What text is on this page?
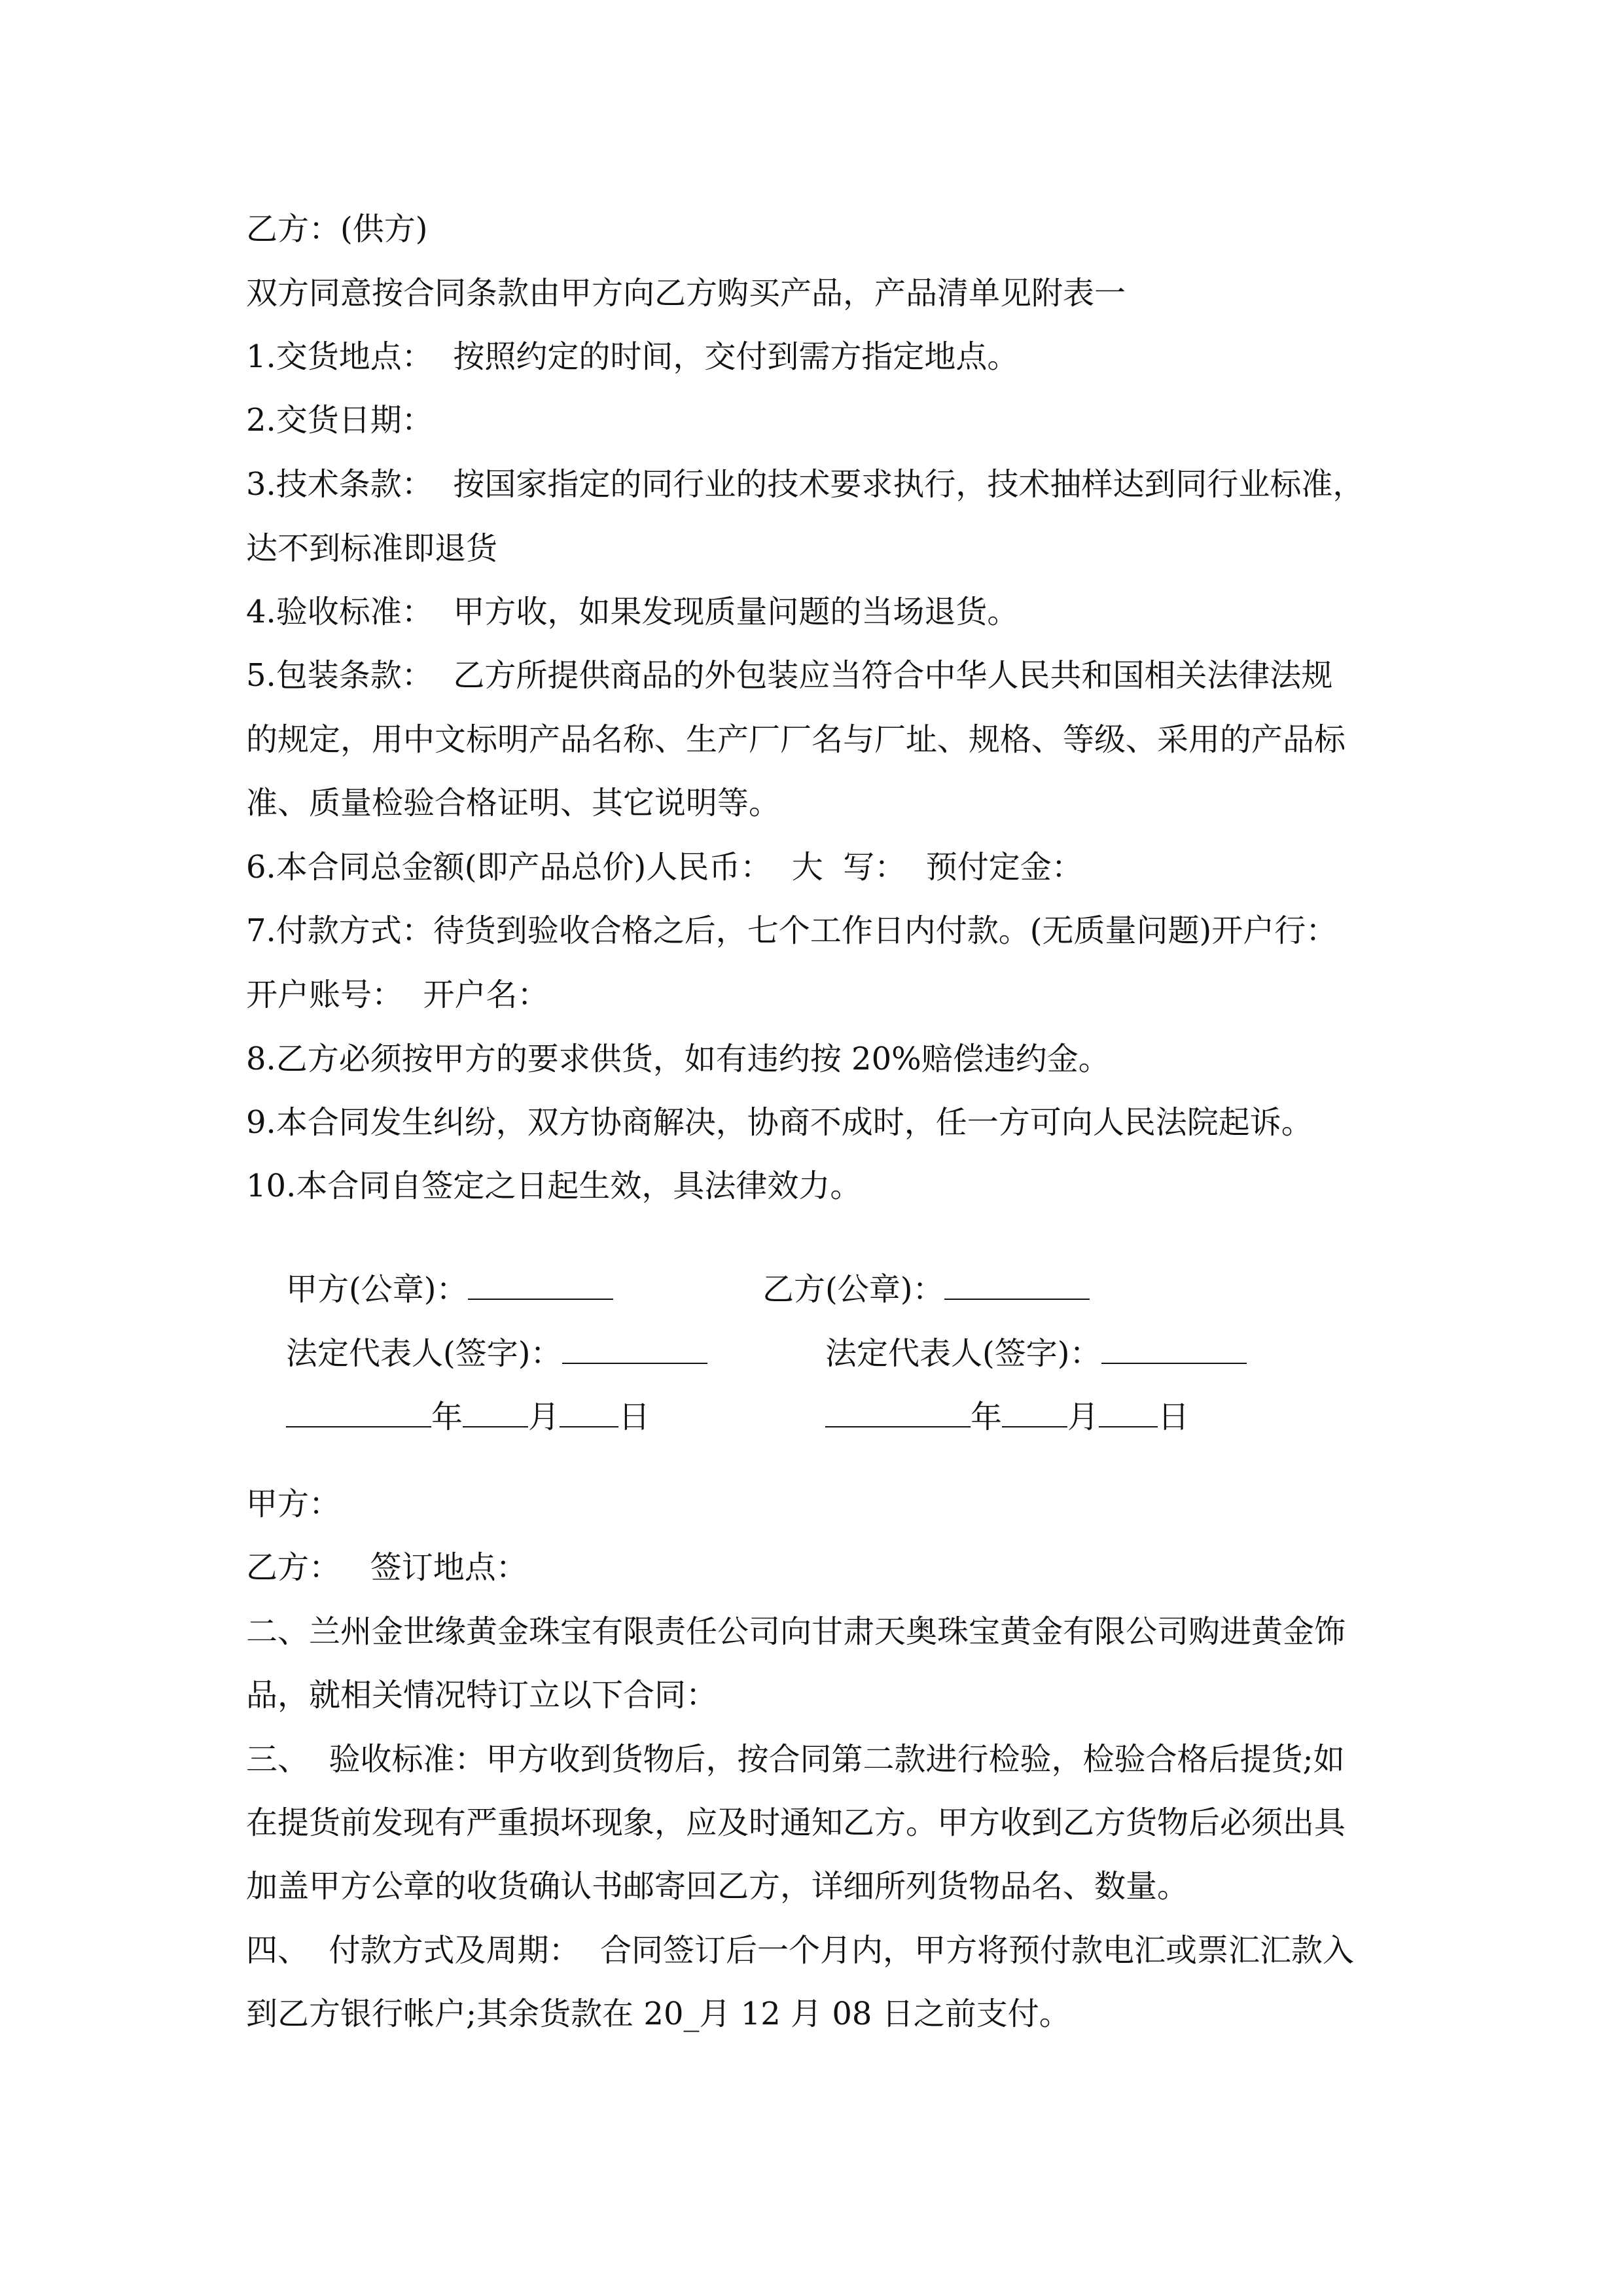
乙方：(供方)
双方同意按合同条款由甲方向乙方购买产品，产品清单见附表一
1.交货地点：  按照约定的时间，交付到需方指定地点。
2.交货日期：
3.技术条款：  按国家指定的同行业的技术要求执行，技术抽样达到同行业标准，
达不到标准即退货
4.验收标准：  甲方收，如果发现质量问题的当场退货。
5.包装条款：  乙方所提供商品的外包装应当符合中华人民共和国相关法律法规
的规定，用中文标明产品名称、生产厂厂名与厂址、规格、等级、采用的产品标
准、质量检验合格证明、其它说明等。
6.本合同总金额(即产品总价)人民币：  大  写：  预付定金：
7.付款方式：待货到验收合格之后，七个工作日内付款。(无质量问题)开户行：
开户账号：  开户名：
8.乙方必须按甲方的要求供货，如有违约按 20%赔偿违约金。
9.本合同发生纠纷，双方协商解决，协商不成时，任一方可向人民法院起诉。
10.本合同自签定之日起生效，具法律效力。

甲方(公章)：
	乙方(公章)：

法定代表人(签字)：
	法定代表人(签字)：

年 月 日
	年 月 日

甲方：
乙方：   签订地点：
二、兰州金世缘黄金珠宝有限责任公司向甘肃天奥珠宝黄金有限公司购进黄金饰
品，就相关情况特订立以下合同：
三、  验收标准：甲方收到货物后，按合同第二款进行检验，检验合格后提货;如
在提货前发现有严重损坏现象，应及时通知乙方。甲方收到乙方货物后必须出具
加盖甲方公章的收货确认书邮寄回乙方，详细所列货物品名、数量。
四、  付款方式及周期：  合同签订后一个月内，甲方将预付款电汇或票汇汇款入
到乙方银行帐户;其余货款在 20_月 12 月 08 日之前支付。
